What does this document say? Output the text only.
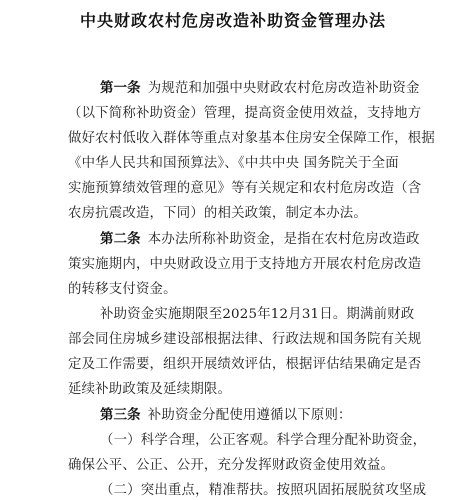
中央财政农村危房改造补助资金管理办法
第一条 为规范和加强中央财政农村危房改造补助资金
（以下简称补助资金）管理，提高资金使用效益，支持地方
做好农村低收入群体等重点对象基本住房安全保障工作，根据
《中华人民共和国预算法》、《中共中央 国务院关于全面
实施预算绩效管理的意见》等有关规定和农村危房改造（含
农房抗震改造，下同）的相关政策，制定本办法。
第二条 本办法所称补助资金，是指在农村危房改造政
策实施期内，中央财政设立用于支持地方开展农村危房改造
的转移支付资金。
补助资金实施期限至2025年12月31日。期满前财政
部会同住房城乡建设部根据法律、行政法规和国务院有关规
定及工作需要，组织开展绩效评估，根据评估结果确定是否
延续补助政策及延续期限。
第三条 补助资金分配使用遵循以下原则：
（一）科学合理，公正客观。科学合理分配补助资金，
确保公平、公正、公开，充分发挥财政资金使用效益。
（二）突出重点，精准帮扶。按照巩固拓展脱贫攻坚成
